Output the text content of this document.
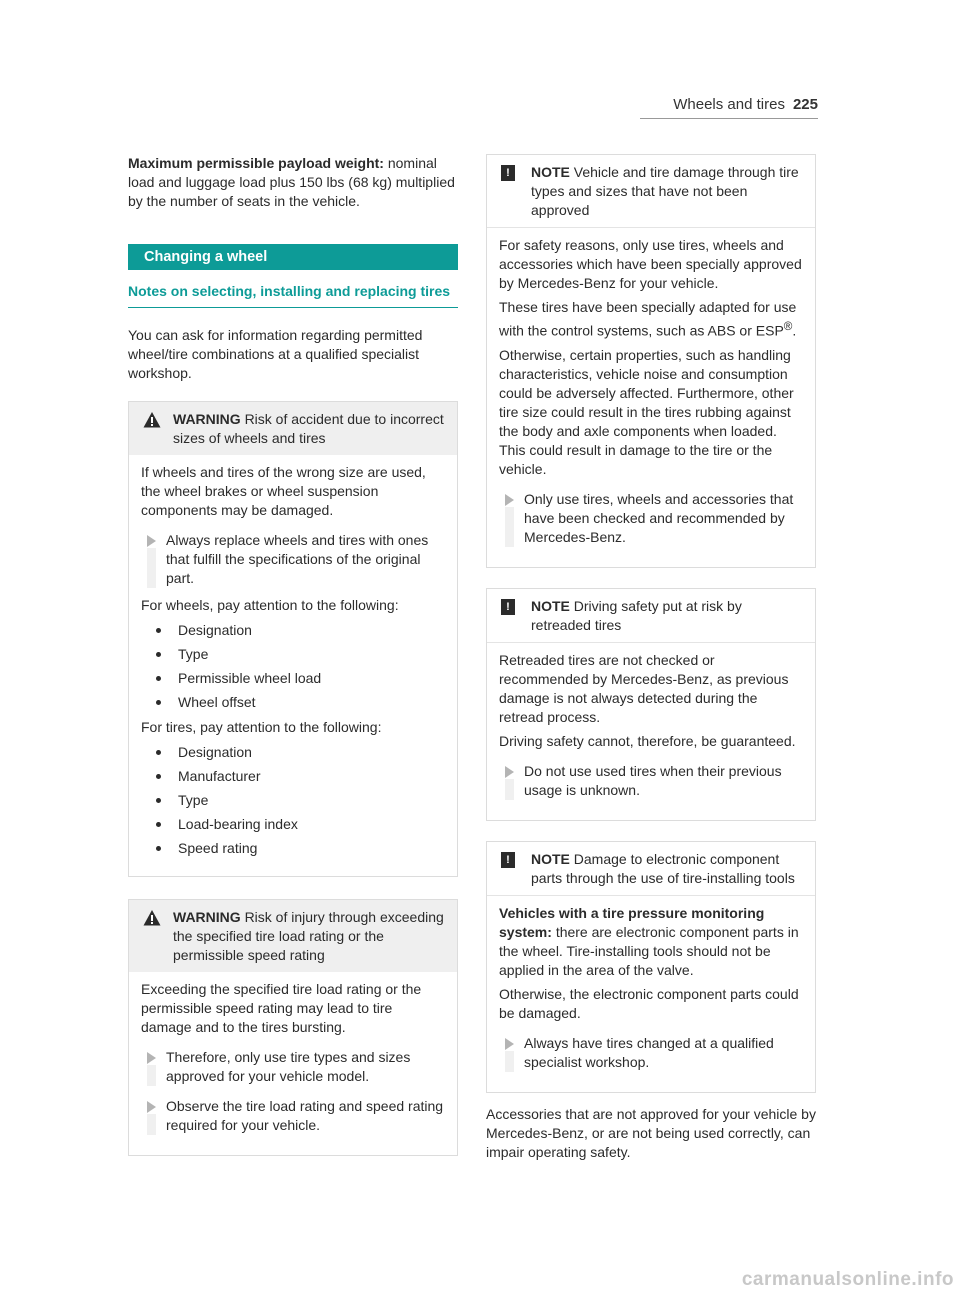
Wheels and tires 225

Maximum permissible payload weight: nominal load and luggage load plus 150 lbs (68 kg) multiplied by the number of seats in the vehicle.

Changing a wheel
Notes on selecting, installing and replacing tires

You can ask for information regarding permitted wheel/tire combinations at a qualified specialist workshop.

WARNING Risk of accident due to incorrect sizes of wheels and tires

If wheels and tires of the wrong size are used, the wheel brakes or wheel suspension components may be damaged.

Always replace wheels and tires with ones that fulfill the specifications of the original part.

For wheels, pay attention to the following:

Designation
Type
Permissible wheel load
Wheel offset

For tires, pay attention to the following:

Designation
Manufacturer
Type
Load-bearing index
Speed rating
WARNING Risk of injury through exceeding the specified tire load rating or the permissible speed rating

Exceeding the specified tire load rating or the permissible speed rating may lead to tire damage and to the tires bursting.

Therefore, only use tire types and sizes approved for your vehicle model.
Observe the tire load rating and speed rating required for your vehicle.
!	NOTE Vehicle and tire damage through tire types and sizes that have not been approved

For safety reasons, only use tires, wheels and accessories which have been specially approved by Mercedes-Benz for your vehicle.

These tires have been specially adapted for use with the control systems, such as ABS or ESP®.

Otherwise, certain properties, such as handling characteristics, vehicle noise and consumption could be adversely affected. Furthermore, other tire size could result in the tires rubbing against the body and axle components when loaded. This could result in damage to the tire or the vehicle.

Only use tires, wheels and accessories that have been checked and recommended by Mercedes-Benz.
!	NOTE Driving safety put at risk by retreaded tires

Retreaded tires are not checked or recommended by Mercedes-Benz, as previous damage is not always detected during the retread process.

Driving safety cannot, therefore, be guaranteed.

Do not use used tires when their previous usage is unknown.
!	NOTE Damage to electronic component parts through the use of tire-installing tools

Vehicles with a tire pressure monitoring system: there are electronic component parts in the wheel. Tire-installing tools should not be applied in the area of the valve.

Otherwise, the electronic component parts could be damaged.

Always have tires changed at a qualified specialist workshop.

Accessories that are not approved for your vehicle by Mercedes-Benz, or are not being used correctly, can impair operating safety.

carmanualsonline.info
